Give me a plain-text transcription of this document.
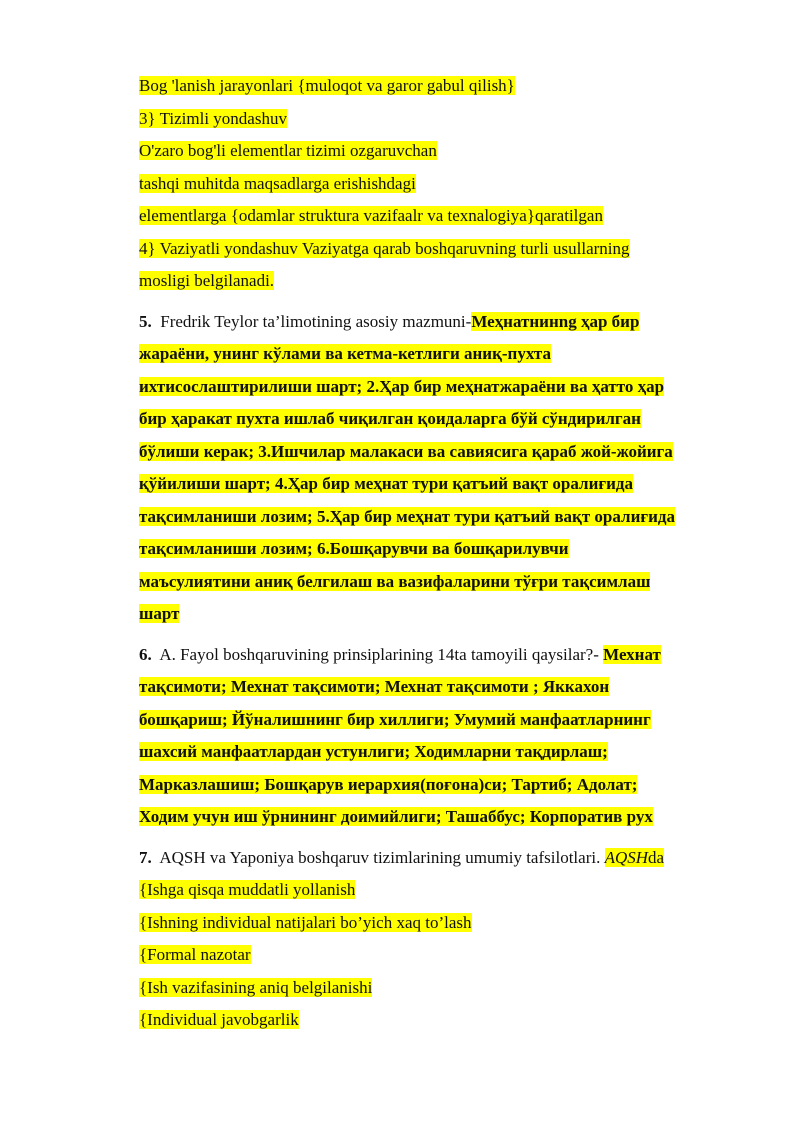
Bog 'lanish jarayonlari {muloqot va garor gabul qilish}
3} Tizimli yondashuv
O'zaro bog'li elementlar tizimi ozgaruvchan
tashqi muhitda maqsadlarga erishishdagi
elementlarga {odamlar struktura vazifaalr va texnalogiya}qaratilgan
4} Vaziyatli yondashuv Vaziyatga qarab boshqaruvning turli usullarning
mosligi belgilanadi.
5. Fredrik Teylor ta’limotining asosiy mazmuni-Меҳнатнинng ҳар бир
жараёни, унинг кўлами ва кетма-кетлиги аниқ-пухта
ихтисослаштирилиши шарт; 2.Ҳар бир меҳнатжараёни ва ҳатто ҳар
бир ҳаракат пухта ишлаб чиқилган қоидаларга бўй сўндирилган
бўлиши керак; 3.Ишчилар малакаси ва савиясига қараб жой-жойига
қўйилиши шарт; 4.Ҳар бир меҳнат тури қатъий вақт оралиғида
тақсимланиши лозим; 5.Ҳар бир меҳнат тури қатъий вақт оралиғида
тақсимланиши лозим; 6.Бошқарувчи ва бошқарилувчи
маъсулиятини аниқ белгилаш ва вазифаларини тўғри тақсимлаш
шарт
6. A. Fayol boshqaruvining prinsiplarining 14ta tamoyili qaysilar?- Мехнат
тақсимоти; Мехнат тақсимоти; Мехнат тақсимоти ; Яккахон
бошқариш; Йўналишнинг бир хиллиги; Умумий манфаатларнинг
шахсий манфаатлардан устунлиги; Ходимларни тақдирлаш;
Марказлашиш; Бошқарув иерархия(поғона)си; Тартиб; Адолат;
Ходим учун иш ўрнининг доимийлиги; Ташаббус; Корпоратив рух
7. AQSH va Yaponiya boshqaruv tizimlarining umumiy tafsilotlari. AQSHda
{Ishga qisqa muddatli yollanish
{Ishning individual natijalari bo’yich xaq to’lash
{Formal nazotar
{Ish vazifasining aniq belgilanishi
{Individual javobgarlik
